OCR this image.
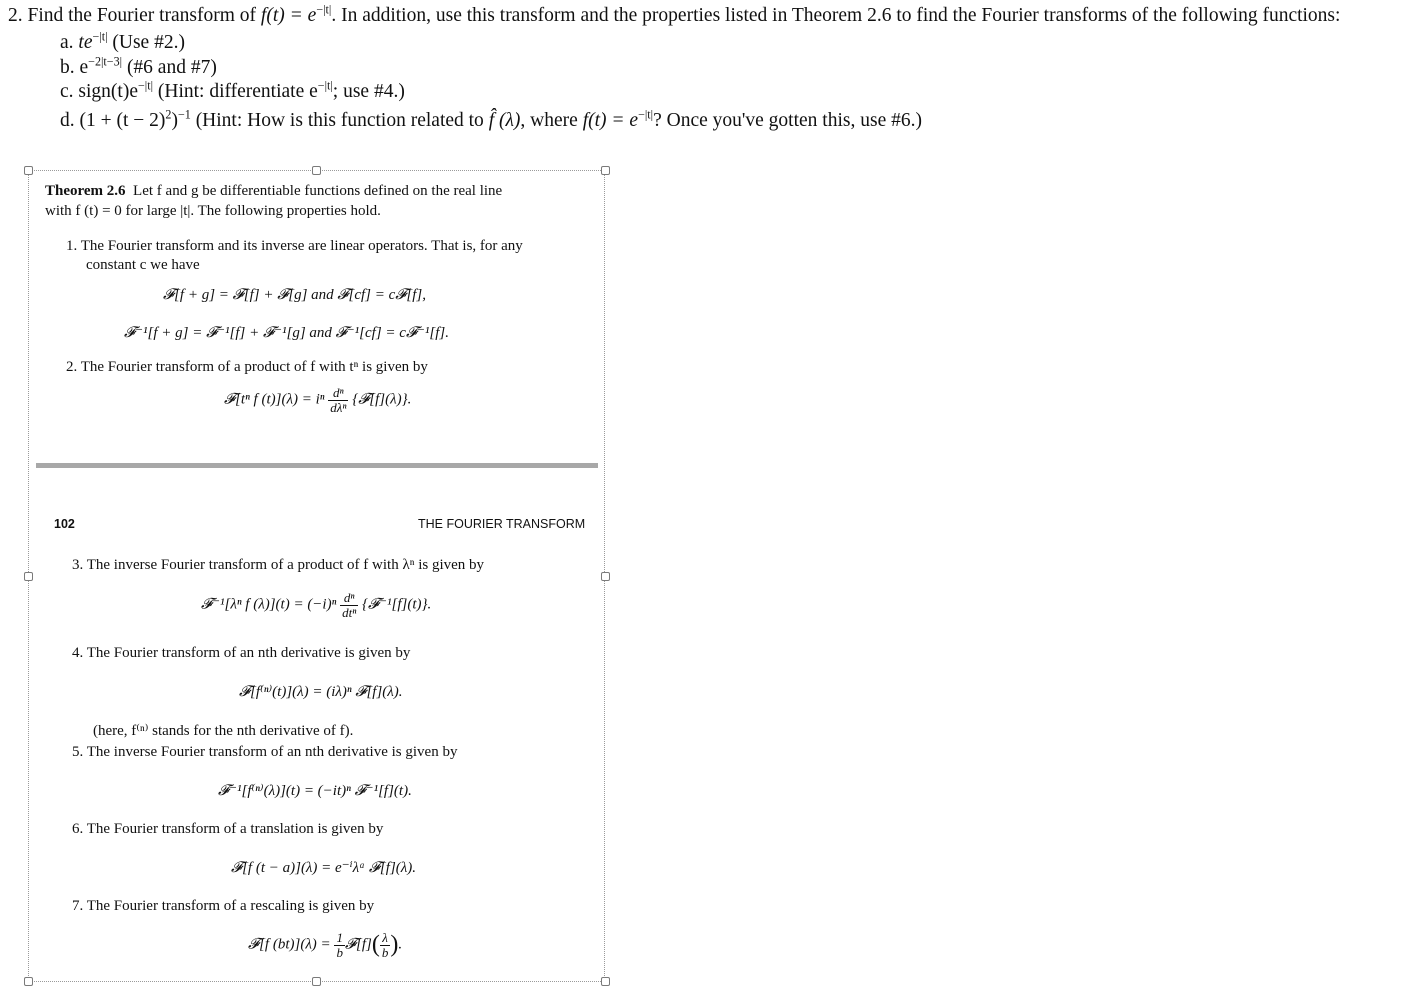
2. Find the Fourier transform of $f(t) = e^{-|t|}$. In addition, use this transform and the properties listed in Theorem 2.6 to find the Fourier transforms of the following functions:
a. $te^{-|t|}$ (Use #2.)
b. $e^{-2|t-3|}$ (#6 and #7)
c. $sign(t)e^{-|t|}$ (Hint: differentiate $e^{-|t|}$; use #4.)
d. $(1 + (t - 2)^2)^{-1}$ (Hint: How is this function related to f̂ (λ), where $f(t) = e^{-|t|}$? Once you've gotten this, use #6.)
Theorem 2.6 Let f and g be differentiable functions defined on the real line
with f (t) = 0 for large |t|. The following properties hold.
1. The Fourier transform and its inverse are linear operators. That is, for any
constant c we have
𝓕[f + g] = 𝓕[f] + 𝓕[g] and 𝓕[cf] = c𝓕[f],
𝓕⁻¹[f + g] = 𝓕⁻¹[f] + 𝓕⁻¹[g] and 𝓕⁻¹[cf] = c𝓕⁻¹[f].
2. The Fourier transform of a product of f with tⁿ is given by
𝓕[tⁿ f (t)](λ) = iⁿ $\frac{\text{dⁿ}}{\text{dλⁿ}}$ {𝓕[f](λ)}.
102	THE FOURIER TRANSFORM
3. The inverse Fourier transform of a product of f with λⁿ is given by
𝓕⁻¹[λⁿ f $(\lambda)](t) = (-i)^n \frac{\text{dⁿ}}{\text{dtⁿ}}$ {𝓕⁻¹[f](t)}.
4. The Fourier transform of an nth derivative is given by
𝓕[f⁽ⁿ⁾(t)](λ) = (iλ)ⁿ 𝓕[f](λ).
(here, f⁽ⁿ⁾ stands for the nth derivative of f).
5. The inverse Fourier transform of an nth derivative is given by
𝓕⁻¹[f⁽ⁿ⁾(λ)](t) = (−it)ⁿ 𝓕⁻¹[f](t).
6. The Fourier transform of a translation is given by
𝓕[f (t − a)](λ) = e⁻ⁱλᵃ 𝓕[f](λ).
7. The Fourier transform of a rescaling is given by
𝓕[f $(bt)](\lambda) = \frac{1}{b}$ 𝓕[f]( $\frac{\lambda}{b}$ ).
